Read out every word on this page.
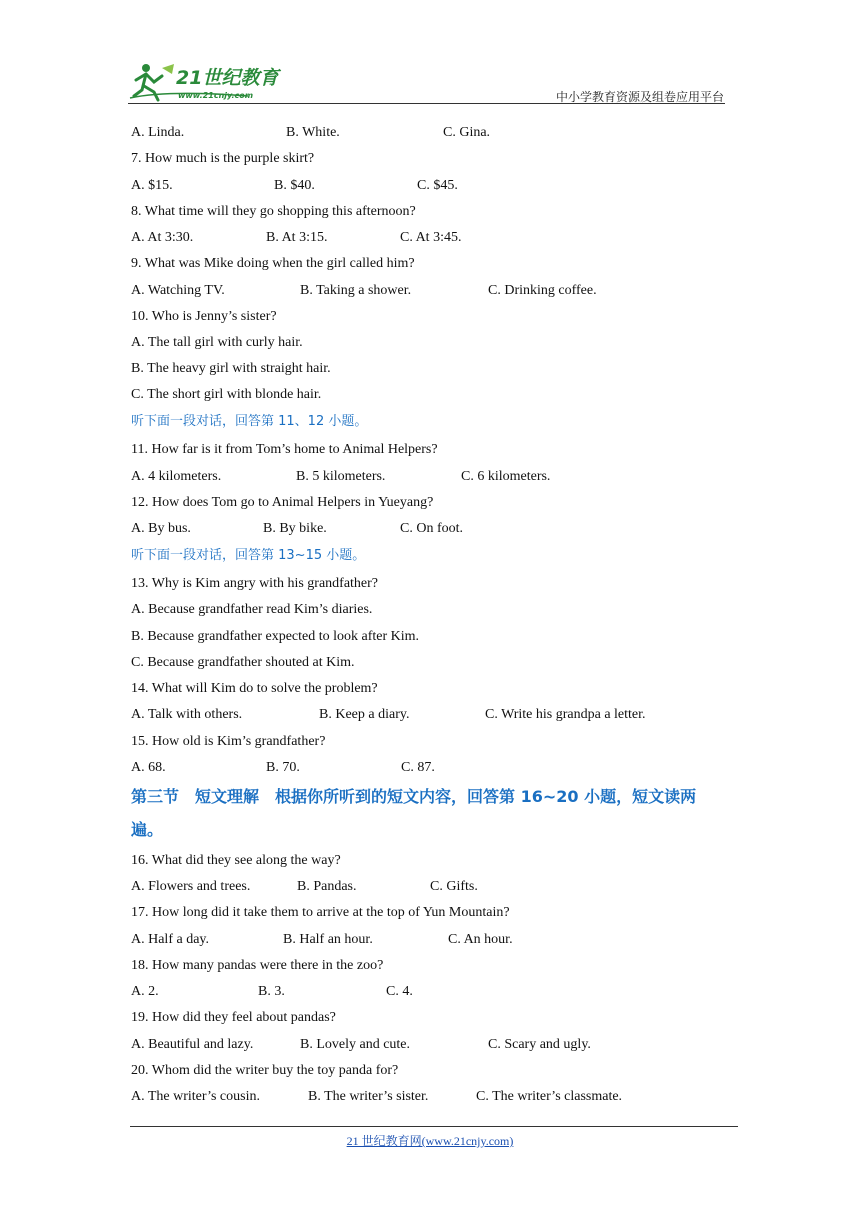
21世纪教育
www.21cnjy.com	中小学教育资源及组卷应用平台
A. Linda.	B. White.	C. Gina.
7. How much is the purple skirt?
A. $15.	B. $40.	C. $45.
8. What time will they go shopping this afternoon?
A. At 3:30.	B. At 3:15.	C. At 3:45.
9. What was Mike doing when the girl called him?
A. Watching TV.	B. Taking a shower.	C. Drinking coffee.
10. Who is Jenny’s sister?
A. The tall girl with curly hair.
B. The heavy girl with straight hair.
C. The short girl with blonde hair.
听下面一段对话，回答第 11、12 小题。
11. How far is it from Tom’s home to Animal Helpers?
A. 4 kilometers.	B. 5 kilometers.	C. 6 kilometers.
12. How does Tom go to Animal Helpers in Yueyang?
A. By bus.	B. By bike.	C. On foot.
听下面一段对话，回答第 13~15 小题。
13. Why is Kim angry with his grandfather?
A. Because grandfather read Kim’s diaries.
B. Because grandfather expected to look after Kim.
C. Because grandfather shouted at Kim.
14. What will Kim do to solve the problem?
A. Talk with others.	B. Keep a diary.	C. Write his grandpa a letter.
15. How old is Kim’s grandfather?
A. 68.	B. 70.	C. 87.
第三节　短文理解　根据你所听到的短文内容，回答第 16~20 小题，短文读两
遍。
16. What did they see along the way?
A. Flowers and trees.	B. Pandas.	C. Gifts.
17. How long did it take them to arrive at the top of Yun Mountain?
A. Half a day.	B. Half an hour.	C. An hour.
18. How many pandas were there in the zoo?
A. 2.	B. 3.	C. 4.
19. How did they feel about pandas?
A. Beautiful and lazy.	B. Lovely and cute.	C. Scary and ugly.
20. Whom did the writer buy the toy panda for?
A. The writer’s cousin.	B. The writer’s sister.	C. The writer’s classmate.
21 世纪教育网(www.21cnjy.com)
